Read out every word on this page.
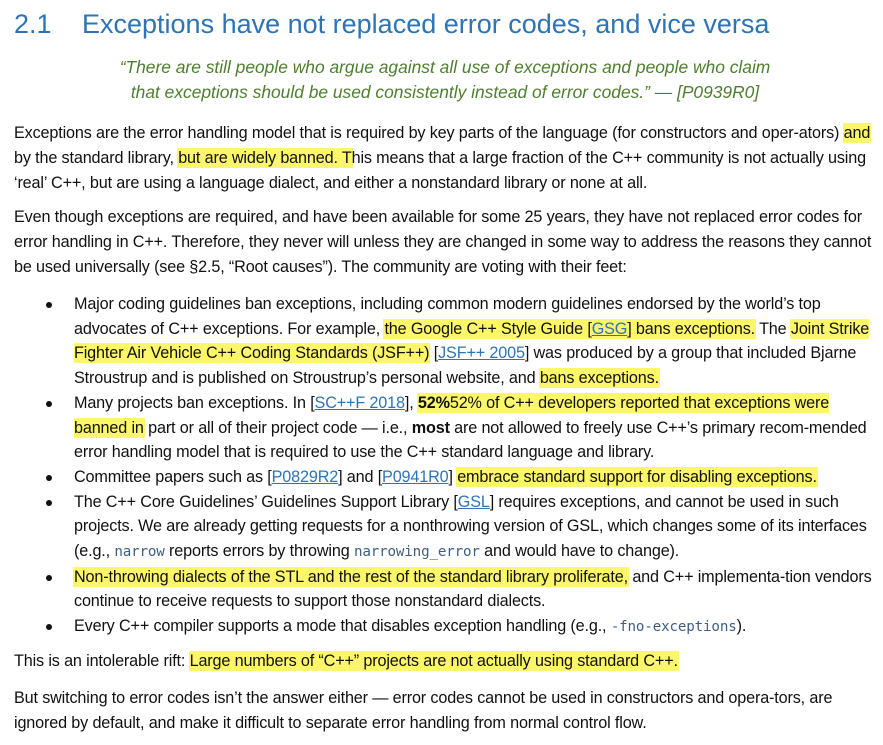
2.1 Exceptions have not replaced error codes, and vice versa
“There are still people who argue against all use of exceptions and people who claim
that exceptions should be used consistently instead of error codes.” — [P0939R0]
Exceptions are the error handling model that is required by key parts of the language (for constructors and oper-ators) and by the standard library, but are widely banned. This means that a large fraction of the C++ community is not actually using ‘real’ C++, but are using a language dialect, and either a nonstandard library or none at all.
Even though exceptions are required, and have been available for some 25 years, they have not replaced error codes for error handling in C++. Therefore, they never will unless they are changed in some way to address the reasons they cannot be used universally (see §2.5, “Root causes”). The community are voting with their feet:
Major coding guidelines ban exceptions, including common modern guidelines endorsed by the world’s top advocates of C++ exceptions. For example, the Google C++ Style Guide [GSG] bans exceptions. The Joint Strike Fighter Air Vehicle C++ Coding Standards (JSF++) [JSF++ 2005] was produced by a group that included Bjarne Stroustrup and is published on Stroustrup’s personal website, and bans exceptions.
Many projects ban exceptions. In [SC++F 2018], 52%52% of C++ developers reported that exceptions were banned in part or all of their project code — i.e., most are not allowed to freely use C++’s primary recom-mended error handling model that is required to use the C++ standard language and library.
Committee papers such as [P0829R2] and [P0941R0] embrace standard support for disabling exceptions.
The C++ Core Guidelines’ Guidelines Support Library [GSL] requires exceptions, and cannot be used in such projects. We are already getting requests for a nonthrowing version of GSL, which changes some of its interfaces (e.g., narrow reports errors by throwing narrowing_error and would have to change).
Non-throwing dialects of the STL and the rest of the standard library proliferate, and C++ implementa-tion vendors continue to receive requests to support those nonstandard dialects.
Every C++ compiler supports a mode that disables exception handling (e.g., -fno-exceptions).
This is an intolerable rift: Large numbers of “C++” projects are not actually using standard C++.
But switching to error codes isn’t the answer either — error codes cannot be used in constructors and opera-tors, are ignored by default, and make it difficult to separate error handling from normal control flow.
